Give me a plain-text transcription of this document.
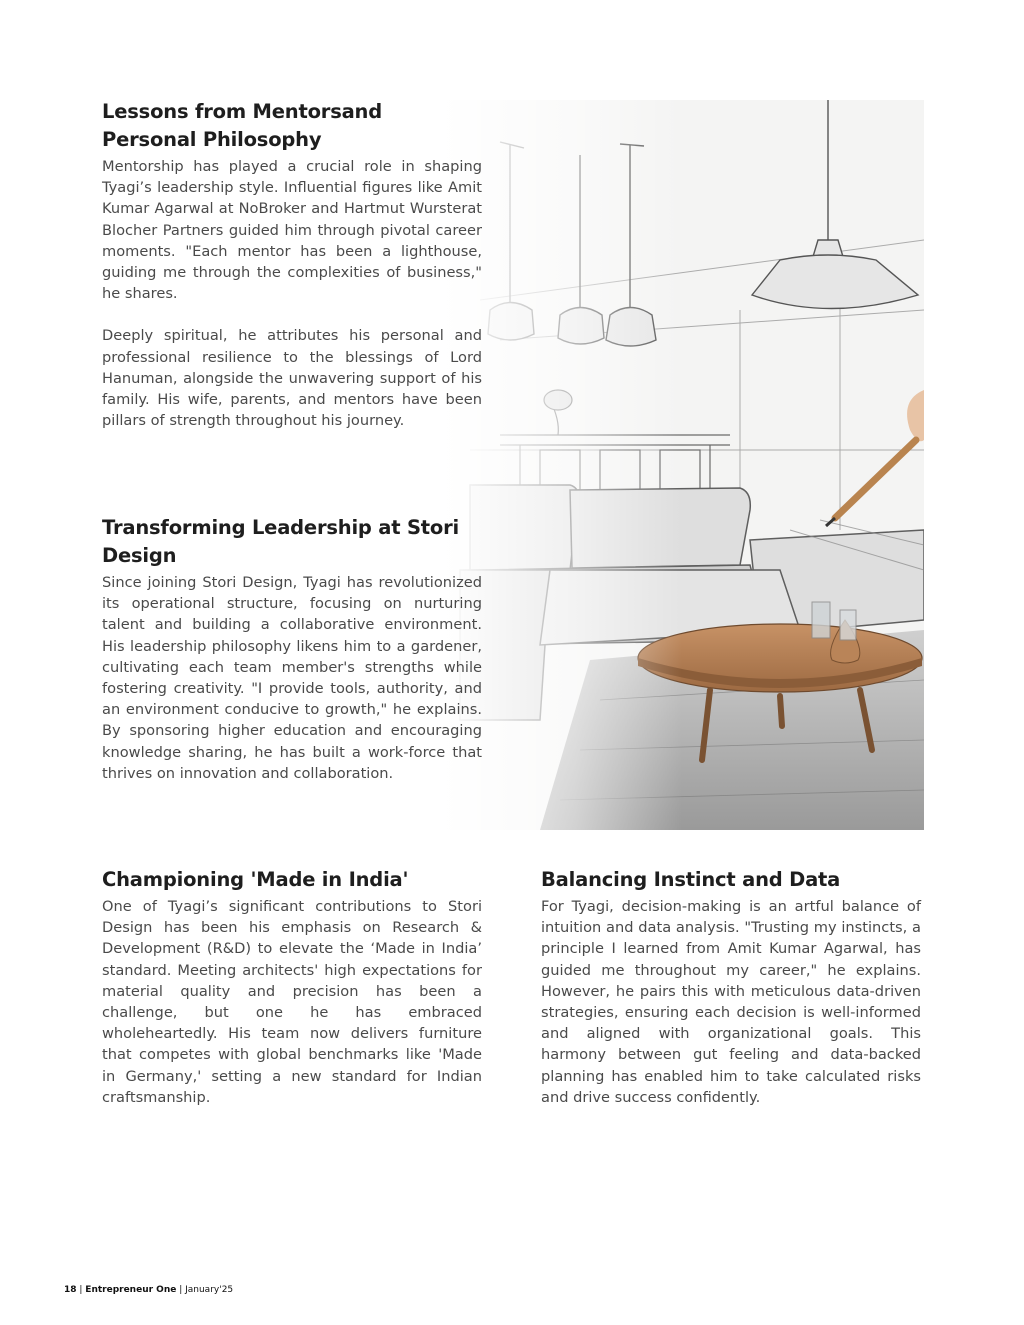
Lessons from Mentorsand Personal Philosophy

Mentorship has played a crucial role in shaping Tyagi’s leadership style. Influential figures like Amit Kumar Agarwal at NoBroker and Hartmut Wursterat Blocher Partners guided him through pivotal career moments. "Each mentor has been a lighthouse, guiding me through the complexities of business," he shares.

Deeply spiritual, he attributes his personal and professional resilience to the blessings of Lord Hanuman, alongside the unwavering support of his family. His wife, parents, and mentors have been pillars of strength throughout his journey.

Transforming Leadership at Stori Design

Since joining Stori Design, Tyagi has revolutionized its operational structure, focusing on nurturing talent and building a collaborative environment. His leadership philosophy likens him to a gardener, cultivating each team member's strengths while fostering creativity. "I provide tools, authority, and an environment conducive to growth," he explains. By sponsoring higher education and encouraging knowledge sharing, he has built a work-force that thrives on innovation and collaboration.

Championing 'Made in India'

One of Tyagi’s significant contributions to Stori Design has been his emphasis on Research & Development (R&D) to elevate the ‘Made in India’ standard. Meeting architects' high expectations for material quality and precision has been a challenge, but one he has embraced wholeheartedly. His team now delivers furniture that competes with global benchmarks like 'Made in Germany,' setting a new standard for Indian craftsmanship.

Balancing Instinct and Data

For Tyagi, decision-making is an artful balance of intuition and data analysis. "Trusting my instincts, a principle I learned from Amit Kumar Agarwal, has guided me throughout my career," he explains. However, he pairs this with meticulous data-driven strategies, ensuring each decision is well-informed and aligned with organizational goals. This harmony between gut feeling and data-backed planning has enabled him to take calculated risks and drive success confidently.

18 | Entrepreneur One | January'25
